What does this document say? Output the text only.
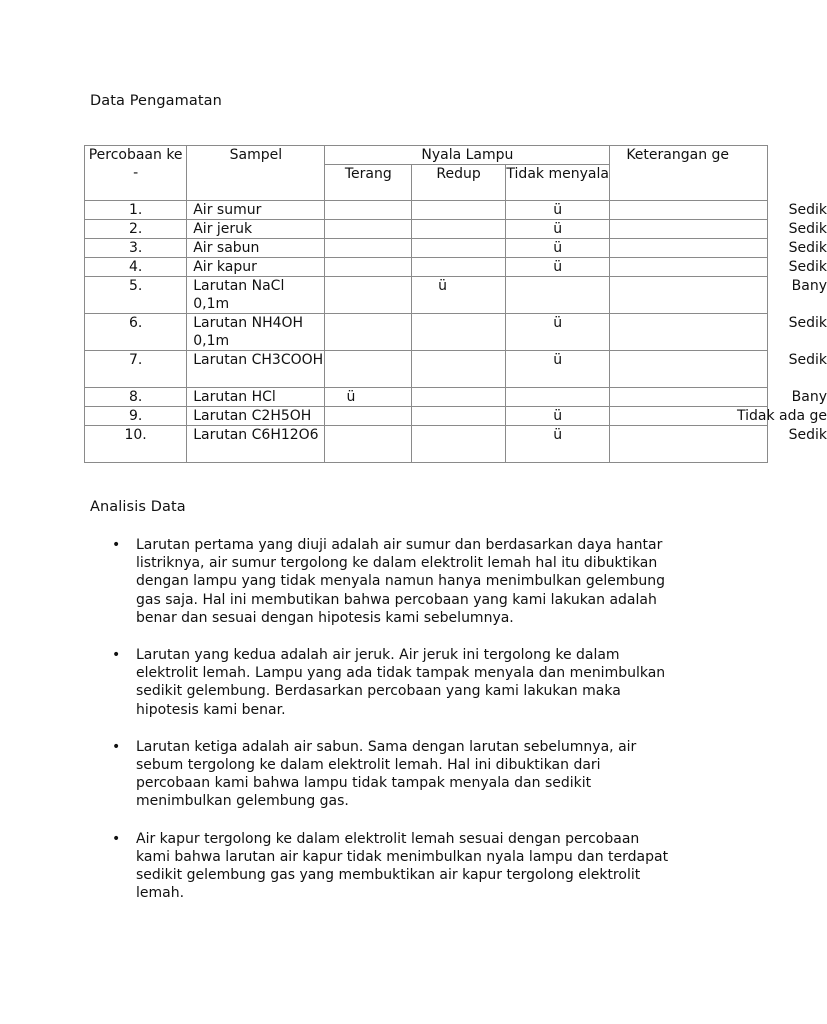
Data Pengamatan
Percobaan ke -	Sampel	Nyala Lampu			Keterangan ge
		Terang	Redup	Tidak menyala	
1.	Air sumur			ü	Sedik
2.	Air jeruk			ü	Sedik
3.	Air sabun			ü	Sedik
4.	Air kapur			ü	Sedik
5.	Larutan NaCl 0,1m		ü		Bany
6.	Larutan NH4OH 0,1m			ü	Sedik
7.	Larutan CH3COOH			ü	Sedik
8.	Larutan HCl	ü			Bany
9.	Larutan C2H5OH			ü	Tidak ada ge
10.	Larutan C6H12O6			ü	Sedik
Analisis Data
• Larutan pertama yang diuji adalah air sumur dan berdasarkan daya hantar listriknya, air sumur tergolong ke dalam elektrolit lemah hal itu dibuktikan dengan lampu yang tidak menyala namun hanya menimbulkan gelembung gas saja. Hal ini membutikan bahwa percobaan yang kami lakukan adalah benar dan sesuai dengan hipotesis kami sebelumnya.
• Larutan yang kedua adalah air jeruk. Air jeruk ini tergolong ke dalam elektrolit lemah. Lampu yang ada tidak tampak menyala dan menimbulkan sedikit gelembung. Berdasarkan percobaan yang kami lakukan maka hipotesis kami benar.
• Larutan ketiga adalah air sabun. Sama dengan larutan sebelumnya, air sebum tergolong ke dalam elektrolit lemah. Hal ini dibuktikan dari percobaan kami bahwa lampu tidak tampak menyala dan sedikit menimbulkan gelembung gas.
• Air kapur tergolong ke dalam elektrolit lemah sesuai dengan percobaan kami bahwa larutan air kapur tidak menimbulkan nyala lampu dan terdapat sedikit gelembung gas yang membuktikan air kapur tergolong elektrolit lemah.
